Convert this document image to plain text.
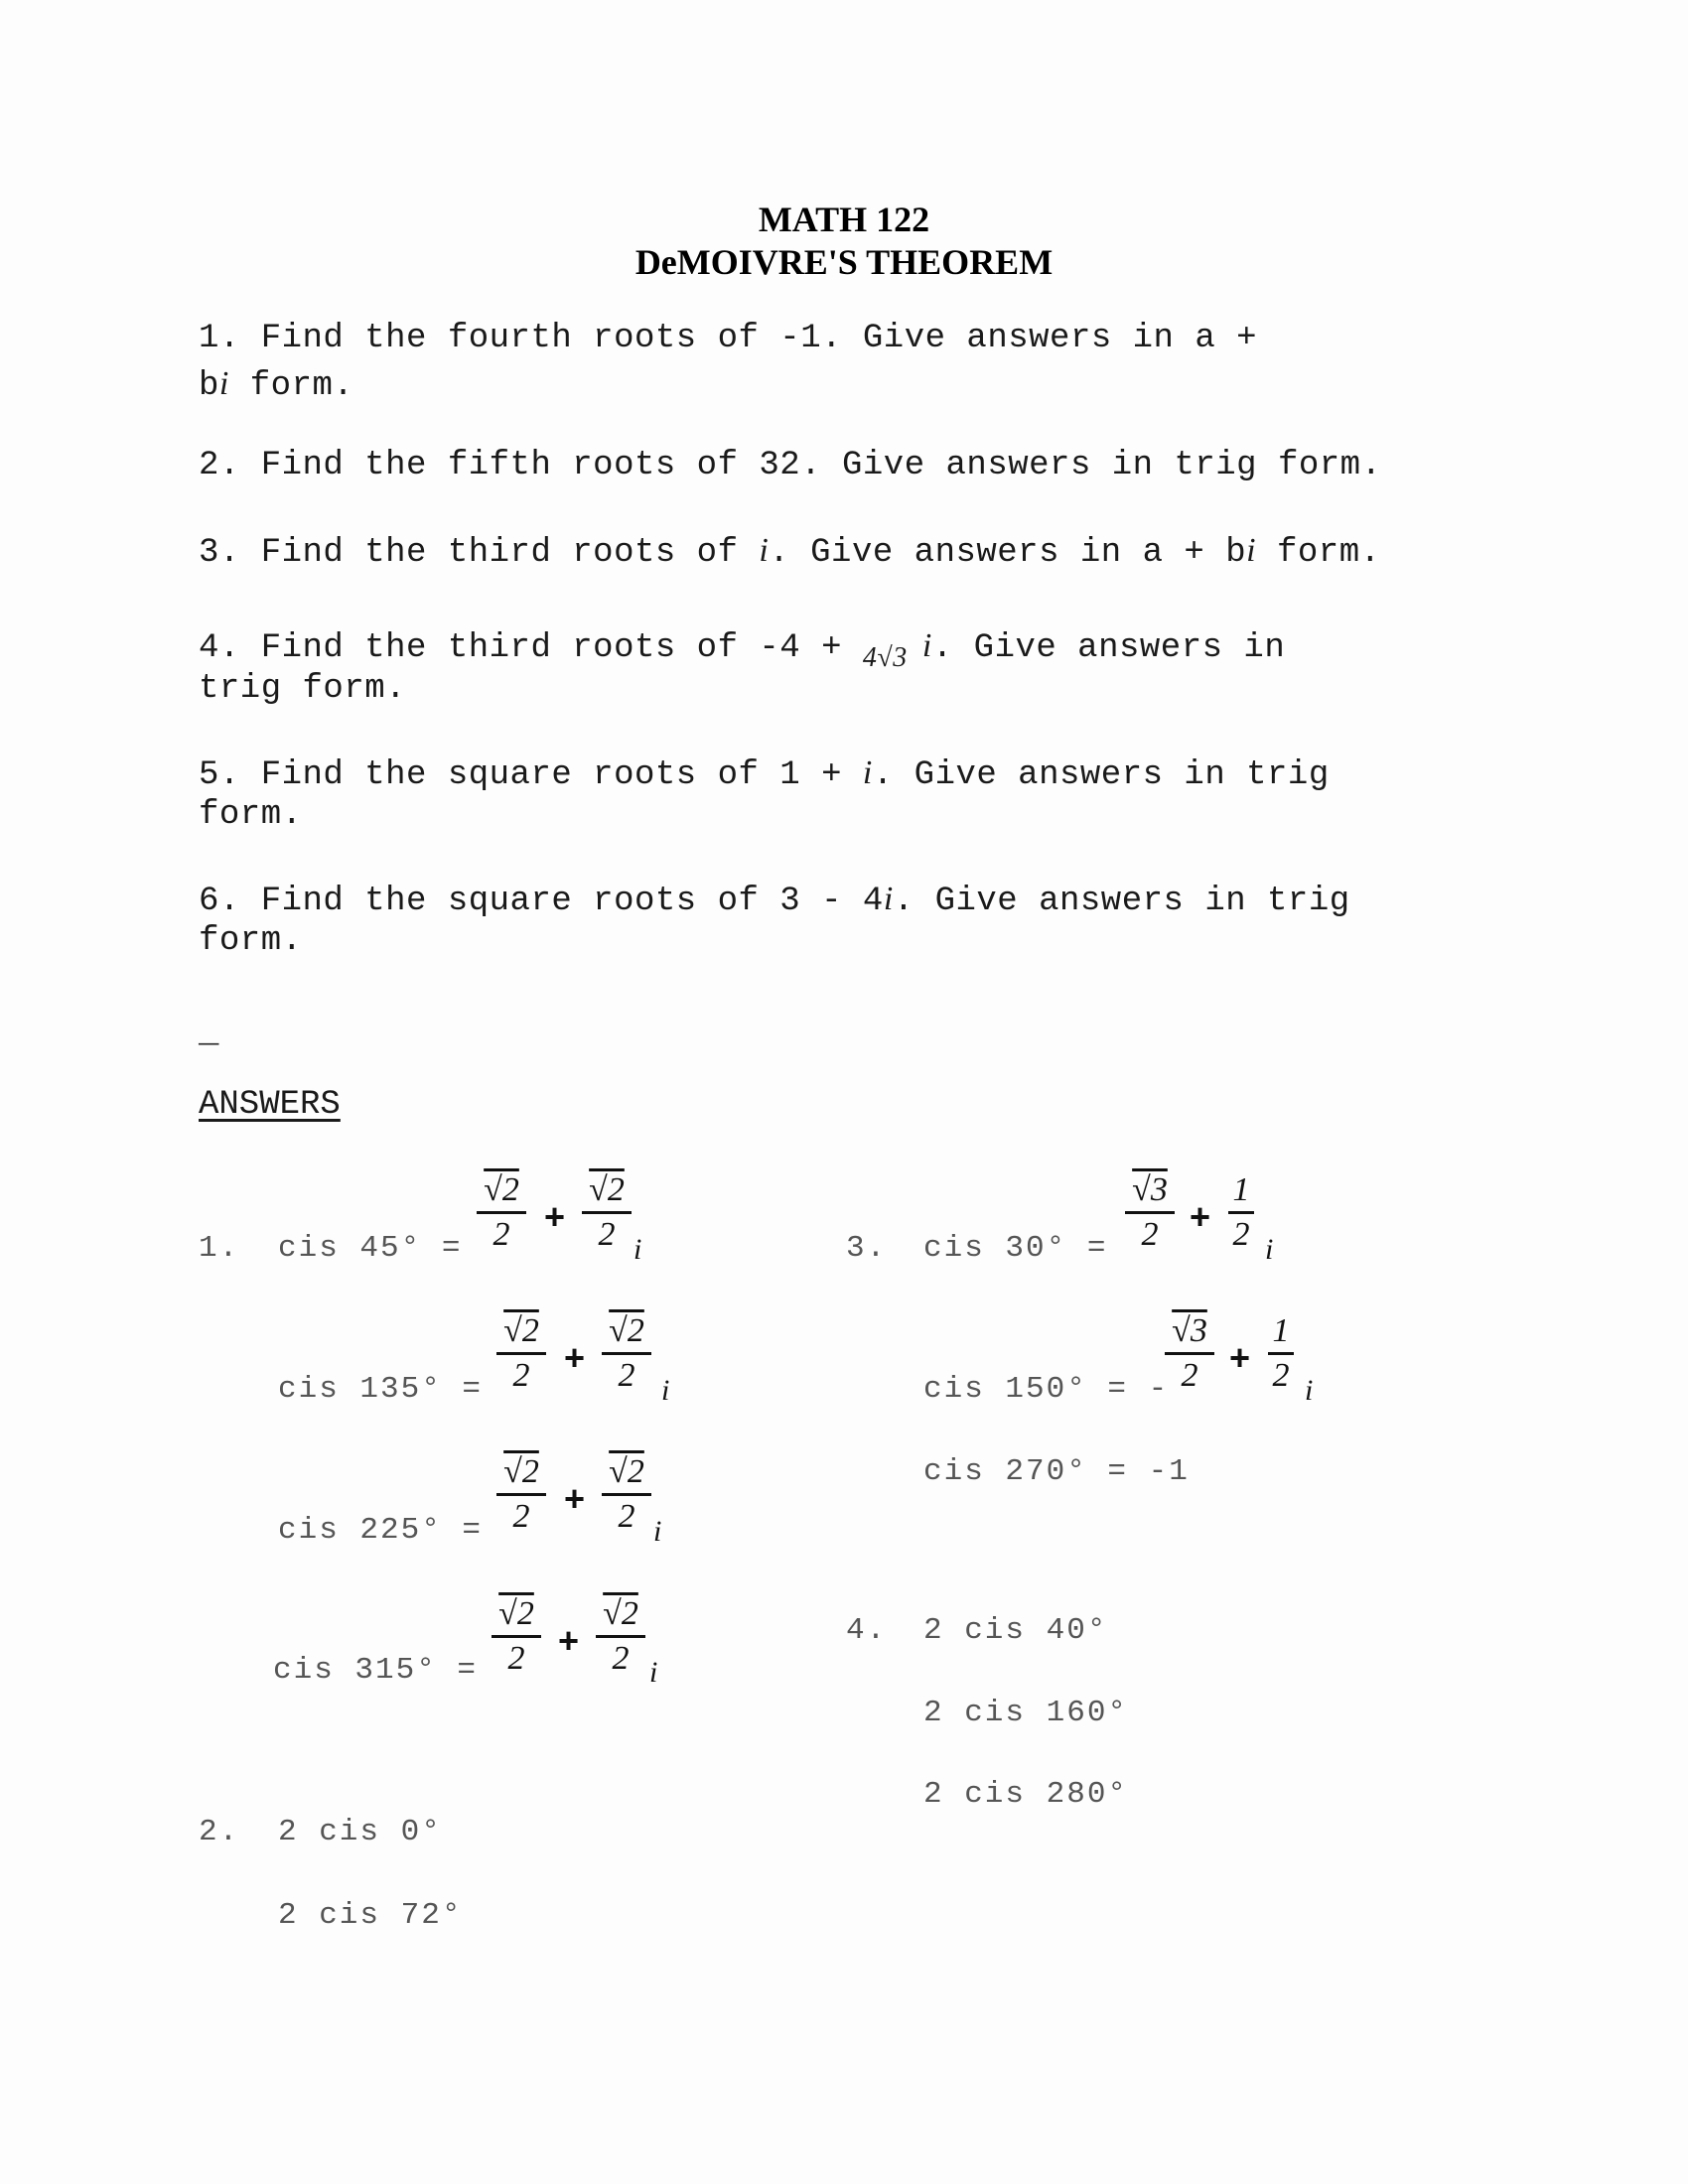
MATH 122
DeMOIVRE'S THEOREM
1. Find the fourth roots of -1. Give answers in a +
bi form.
2. Find the fifth roots of 32. Give answers in trig form.
3. Find the third roots of i. Give answers in a + bi form.
4. Find the third roots of -4 + 4√3 i. Give answers in
trig form.
5. Find the square roots of 1 + i. Give answers in trig
form.
6. Find the square roots of 3 - 4i. Give answers in trig
form.
_
ANSWERS
1. cis 45° =
√2
2 +
√2
2 i
cis 135° =
√2
2 +
√2
2 i
cis 225° =
√2
2 +
√2
2 i
cis 315° =
√2
2 +
√2
2 i
2. 2 cis 0°
2 cis 72°
3. cis 30° =
√3
2 +
1
2 i
cis 150° = -
√3
2 +
1
2 i
cis 270° = -1
4. 2 cis 40°
2 cis 160°
2 cis 280°
